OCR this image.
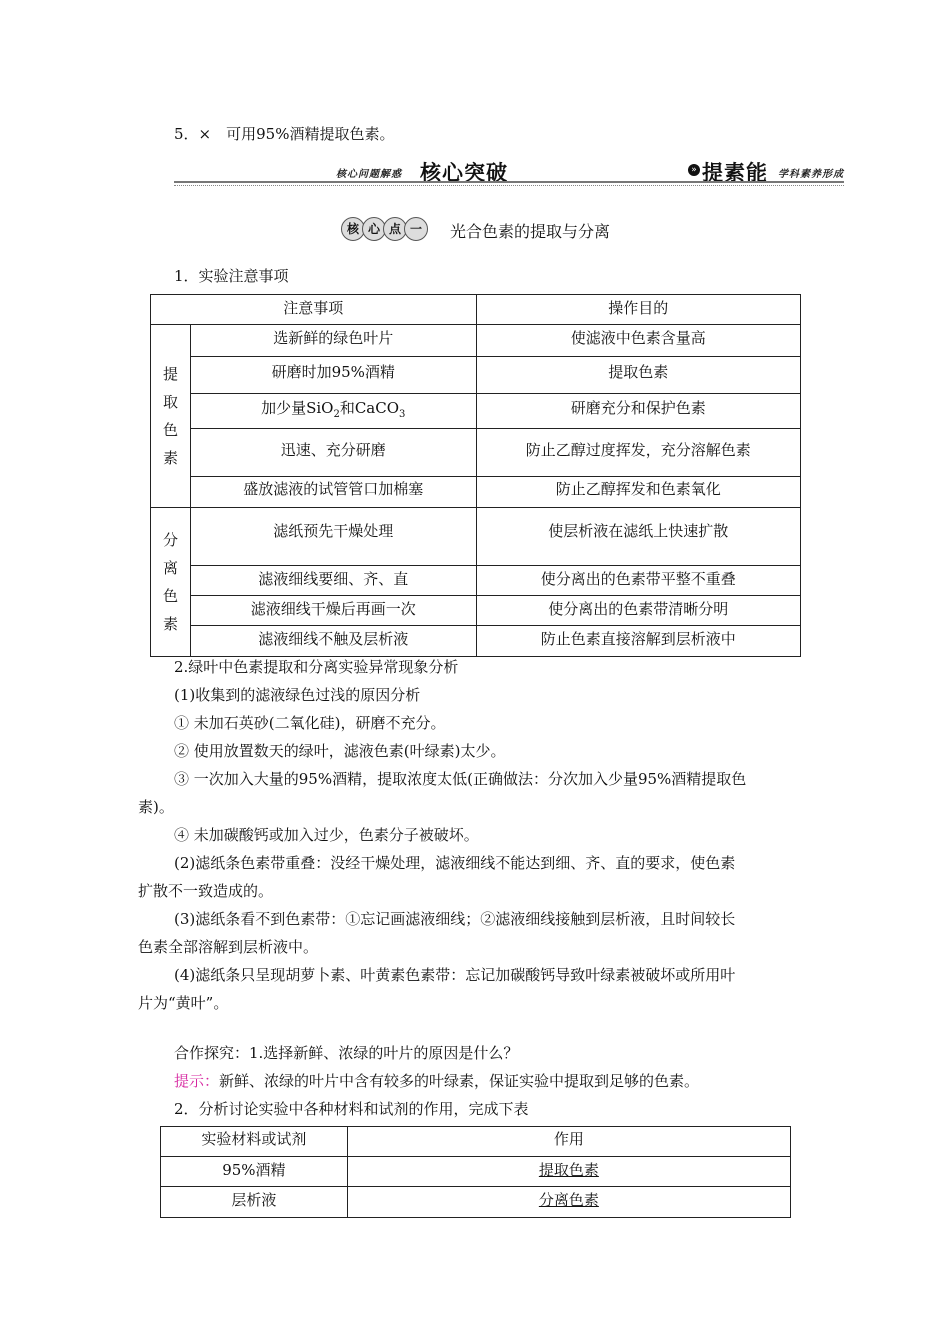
5．×　可用95%酒精提取色素。
核心问题解惑 核心突破	» 提素能 学科素养形成
核 心 点 一	光合色素的提取与分离
1．实验注意事项
注意事项		操作目的

提
取
色
素	选新鲜的绿色叶片	使滤液中色素含量高
	研磨时加95%酒精	提取色素
	加少量SiO$_2$和CaCO$_3$	研磨充分和保护色素
	迅速、充分研磨	防止乙醇过度挥发，充分溶解色素
	盛放滤液的试管管口加棉塞	防止乙醇挥发和色素氧化

分
离
色
素	滤纸预先干燥处理	使层析液在滤纸上快速扩散
	滤液细线要细、齐、直	使分离出的色素带平整不重叠
	滤液细线干燥后再画一次	使分离出的色素带清晰分明
	滤液细线不触及层析液	防止色素直接溶解到层析液中
2.绿叶中色素提取和分离实验异常现象分析
(1)收集到的滤液绿色过浅的原因分析
① 未加石英砂(二氧化硅)，研磨不充分。
② 使用放置数天的绿叶，滤液色素(叶绿素)太少。
③ 一次加入大量的95%酒精，提取浓度太低(正确做法：分次加入少量95%酒精提取色
素)。
④ 未加碳酸钙或加入过少，色素分子被破坏。
(2)滤纸条色素带重叠：没经干燥处理，滤液细线不能达到细、齐、直的要求，使色素
扩散不一致造成的。
(3)滤纸条看不到色素带：①忘记画滤液细线；②滤液细线接触到层析液，且时间较长
色素全部溶解到层析液中。
(4)滤纸条只呈现胡萝卜素、叶黄素色素带：忘记加碳酸钙导致叶绿素被破坏或所用叶
片为“黄叶”。
合作探究：1.选择新鲜、浓绿的叶片的原因是什么？
提示：新鲜、浓绿的叶片中含有较多的叶绿素，保证实验中提取到足够的色素。
2．分析讨论实验中各种材料和试剂的作用，完成下表
实验材料或试剂	作用
95%酒精	提取色素
层析液	分离色素
